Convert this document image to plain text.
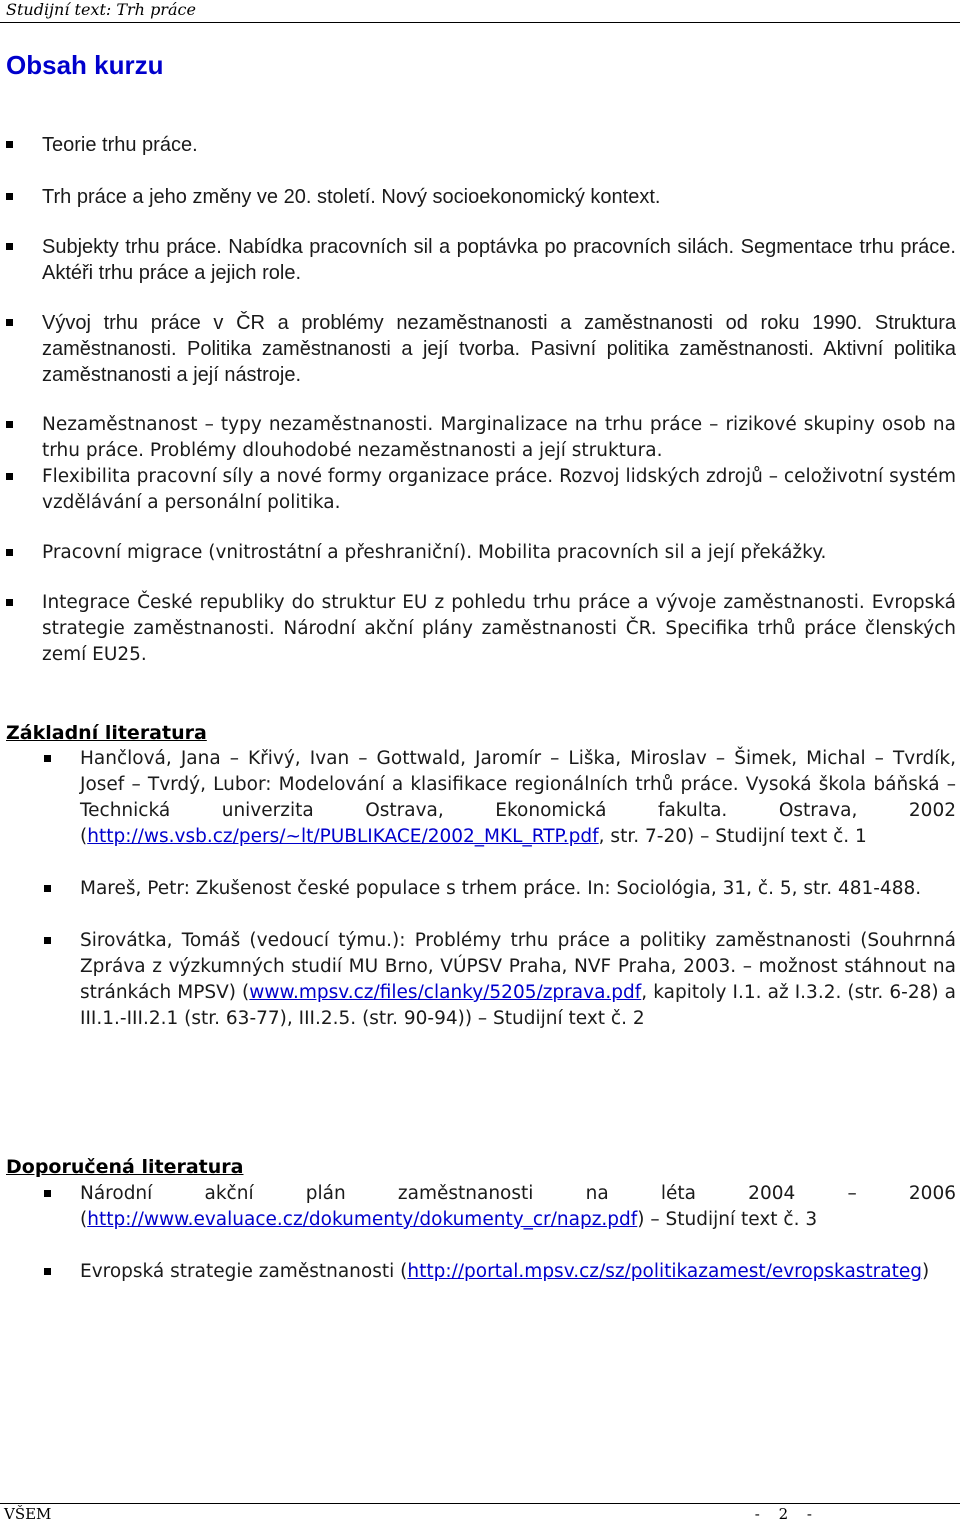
Studijní text: Trh práce
Obsah kurzu
Teorie trhu práce.
Trh práce a jeho změny ve 20. století. Nový socioekonomický kontext.
Subjekty trhu práce. Nabídka pracovních sil a poptávka po pracovních silách. Segmentace trhu práce. Aktéři trhu práce a jejich role.
Vývoj trhu práce v ČR a problémy nezaměstnanosti a zaměstnanosti od roku 1990. Struktura zaměstnanosti. Politika zaměstnanosti a její tvorba. Pasivní politika zaměstnanosti. Aktivní politika zaměstnanosti a její nástroje.
Nezaměstnanost – typy nezaměstnanosti. Marginalizace na trhu práce – rizikové skupiny osob na trhu práce. Problémy dlouhodobé nezaměstnanosti a její struktura.
Flexibilita pracovní síly a nové formy organizace práce. Rozvoj lidských zdrojů – celoživotní systém vzdělávání a personální politika.
Pracovní migrace (vnitrostátní a přeshraniční). Mobilita pracovních sil a její překážky.
Integrace České republiky do struktur EU z pohledu trhu práce a vývoje zaměstnanosti. Evropská strategie zaměstnanosti. Národní akční plány zaměstnanosti ČR. Specifika trhů práce členských zemí EU25.
Základní literatura
Hančlová, Jana – Křivý, Ivan – Gottwald, Jaromír – Liška, Miroslav – Šimek, Michal – Tvrdík, Josef – Tvrdý, Lubor: Modelování a klasifikace regionálních trhů práce. Vysoká škola báňská – Technická univerzita Ostrava, Ekonomická fakulta. Ostrava, 2002 (http://ws.vsb.cz/pers/~lt/PUBLIKACE/2002_MKL_RTP.pdf, str. 7-20) – Studijní text č. 1
Mareš, Petr: Zkušenost české populace s trhem práce. In: Sociológia, 31, č. 5, str. 481-488.
Sirovátka, Tomáš (vedoucí týmu.): Problémy trhu práce a politiky zaměstnanosti (Souhrnná Zpráva z výzkumných studií MU Brno, VÚPSV Praha, NVF Praha, 2003. – možnost stáhnout na stránkách MPSV) (www.mpsv.cz/files/clanky/5205/zprava.pdf, kapitoly I.1. až I.3.2. (str. 6-28) a III.1.-III.2.1 (str. 63-77), III.2.5. (str. 90-94)) – Studijní text č. 2
Doporučená literatura
Národní akční plán zaměstnanosti na léta 2004 – 2006 (http://www.evaluace.cz/dokumenty/dokumenty_cr/napz.pdf) – Studijní text č. 3
Evropská strategie zaměstnanosti (http://portal.mpsv.cz/sz/politikazamest/evropskastrateg)
VŠEM	- 2 -
